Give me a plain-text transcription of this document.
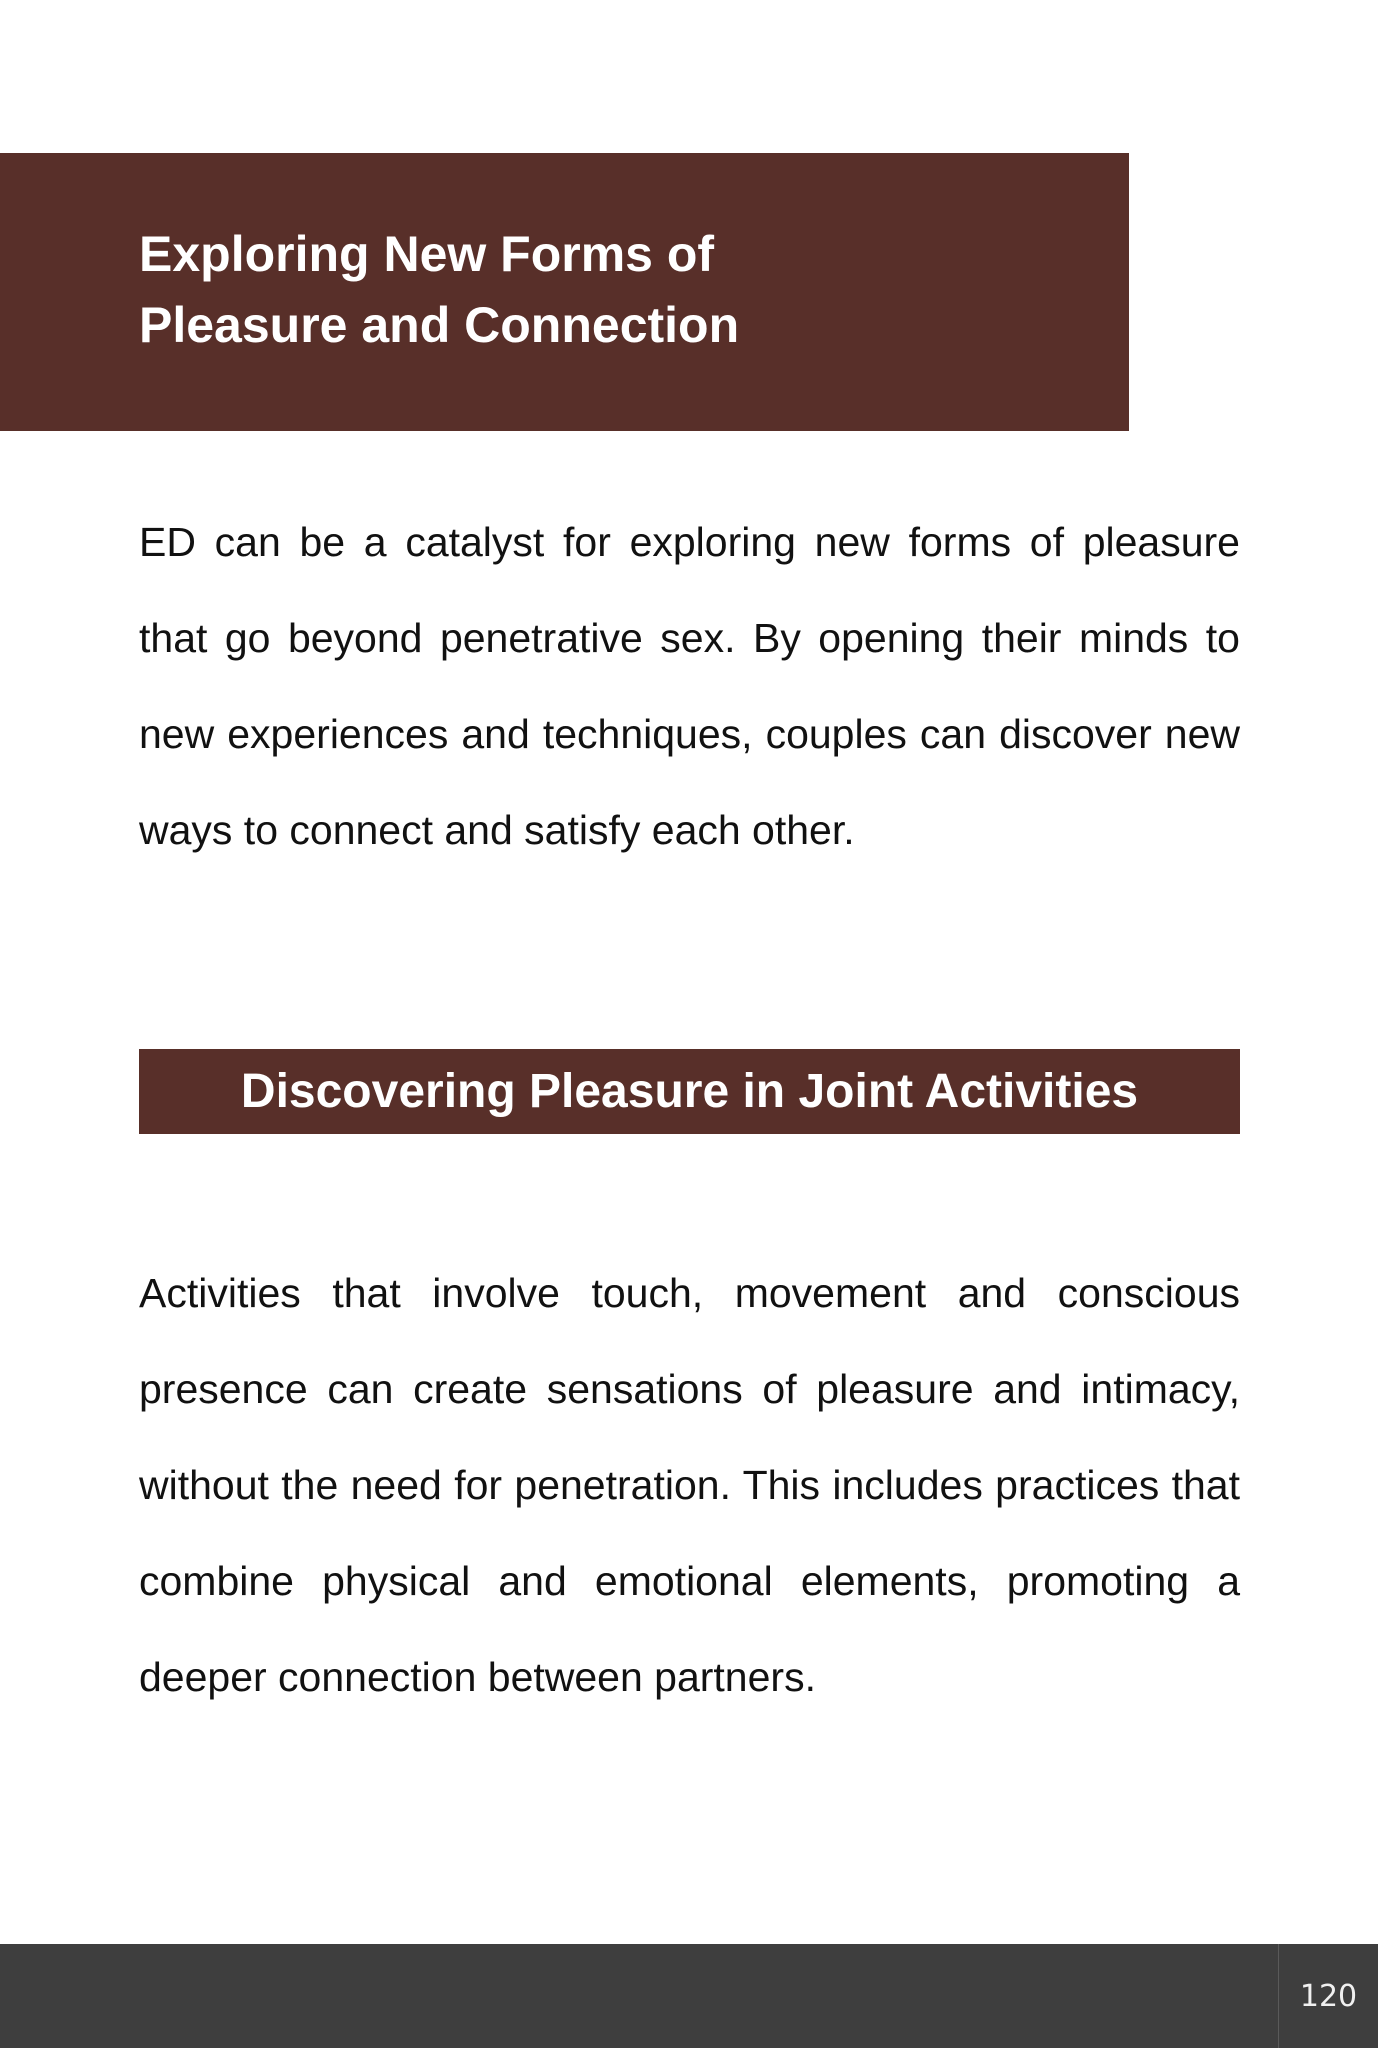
Exploring New Forms of
Pleasure and Connection

ED can be a catalyst for exploring new forms of pleasure that go beyond penetrative sex. By opening their minds to new experiences and techniques, couples can discover new ways to connect and satisfy each other.

Discovering Pleasure in Joint Activities

Activities that involve touch, movement and conscious presence can create sensations of pleasure and intimacy, without the need for penetration. This includes practices that combine physical and emotional elements, promoting a deeper connection between partners.

120
